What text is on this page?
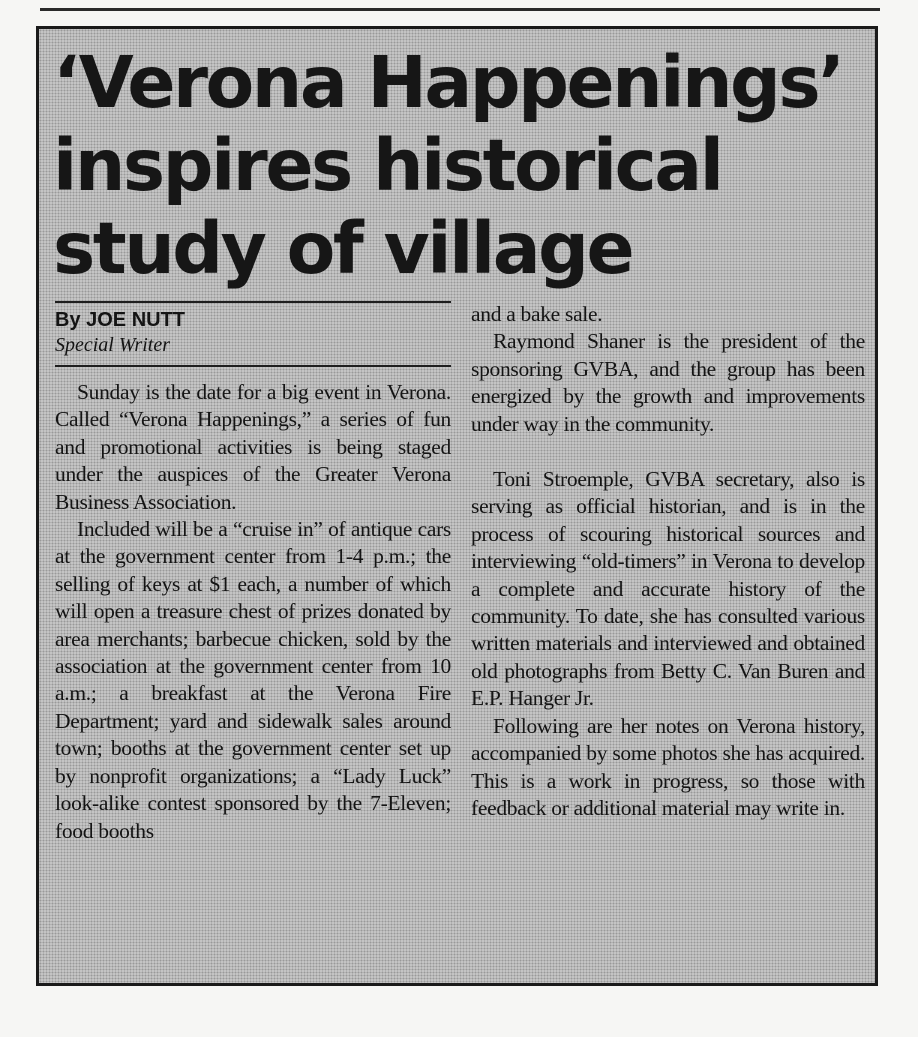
‘Verona Happenings’
inspires historical
study of village
By JOE NUTT
Special Writer

Sunday is the date for a big event in Verona. Called “Verona Happenings,” a series of fun and promotional activities is being staged under the auspices of the Greater Verona Business Association.

Included will be a “cruise in” of antique cars at the government center from 1-4 p.m.; the selling of keys at $1 each, a number of which will open a treasure chest of prizes donated by area merchants; barbecue chicken, sold by the association at the government center from 10 a.m.; a breakfast at the Verona Fire Department; yard and sidewalk sales around town; booths at the government center set up by nonprofit organizations; a “Lady Luck” look-alike contest sponsored by the 7-Eleven; food booths

and a bake sale.

Raymond Shaner is the president of the sponsoring GVBA, and the group has been energized by the growth and improvements under way in the community.

Toni Stroemple, GVBA secretary, also is serving as official historian, and is in the process of scouring historical sources and interviewing “old-timers” in Verona to develop a complete and accurate history of the community. To date, she has consulted various written materials and interviewed and obtained old photographs from Betty C. Van Buren and E.P. Hanger Jr.

Following are her notes on Verona history, accompanied by some photos she has acquired. This is a work in progress, so those with feedback or additional material may write in.
